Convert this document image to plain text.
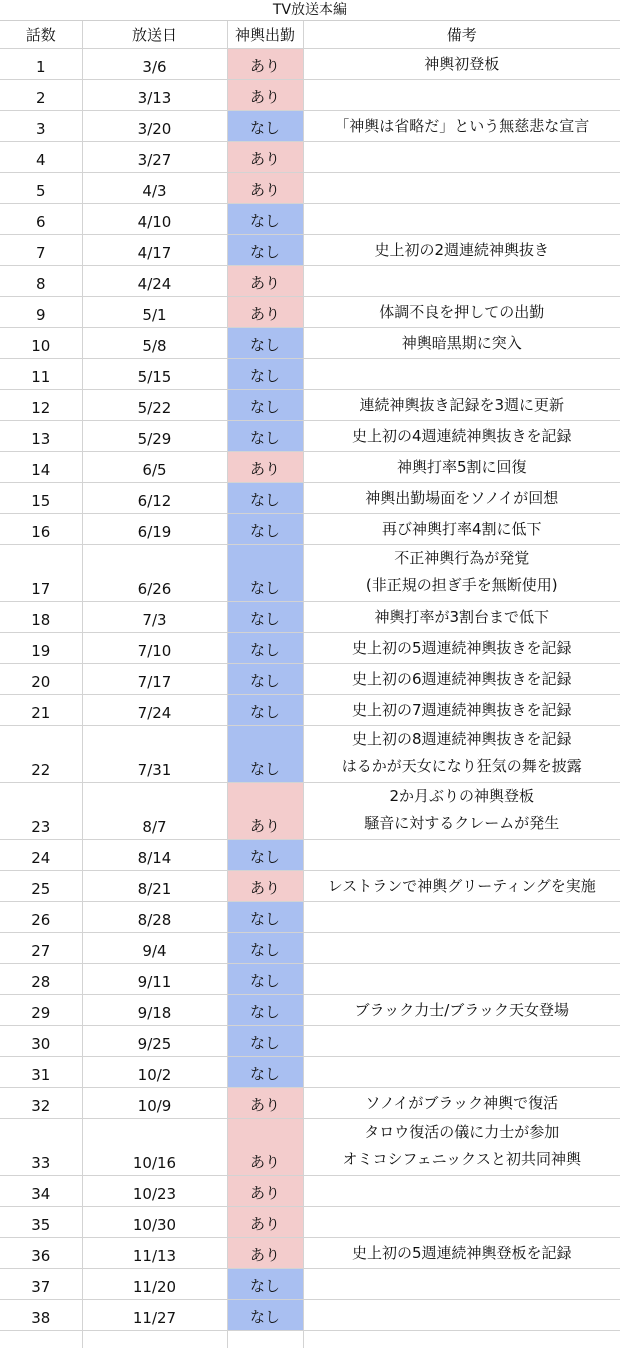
TV放送本編
話数	放送日	神輿出勤	備考
1	3/6	あり	神輿初登板

2	3/13	あり	
3	3/20	なし	「神輿は省略だ」という無慈悲な宣言

4	3/27	あり	
5	4/3	あり	
6	4/10	なし	
7	4/17	なし	史上初の2週連続神輿抜き

8	4/24	あり	
9	5/1	あり	体調不良を押しての出勤

10	5/8	なし	神輿暗黒期に突入

11	5/15	なし	
12	5/22	なし	連続神輿抜き記録を3週に更新

13	5/29	なし	史上初の4週連続神輿抜きを記録

14	6/5	あり	神輿打率5割に回復

15	6/12	なし	神輿出勤場面をソノイが回想

16	6/19	なし	再び神輿打率4割に低下

17	6/26	なし	不正神輿行為が発覚
(非正規の担ぎ手を無断使用)

18	7/3	なし	神輿打率が3割台まで低下

19	7/10	なし	史上初の5週連続神輿抜きを記録

20	7/17	なし	史上初の6週連続神輿抜きを記録

21	7/24	なし	史上初の7週連続神輿抜きを記録

22	7/31	なし	史上初の8週連続神輿抜きを記録
はるかが天女になり狂気の舞を披露

23	8/7	あり	2か月ぶりの神輿登板
騒音に対するクレームが発生

24	8/14	なし	
25	8/21	あり	レストランで神輿グリーティングを実施

26	8/28	なし	
27	9/4	なし	
28	9/11	なし	
29	9/18	なし	ブラック力士/ブラック天女登場

30	9/25	なし	
31	10/2	なし	
32	10/9	あり	ソノイがブラック神輿で復活

33	10/16	あり	タロウ復活の儀に力士が参加
オミコシフェニックスと初共同神輿

34	10/23	あり	
35	10/30	あり	
36	11/13	あり	史上初の5週連続神輿登板を記録

37	11/20	なし	
38	11/27	なし	
